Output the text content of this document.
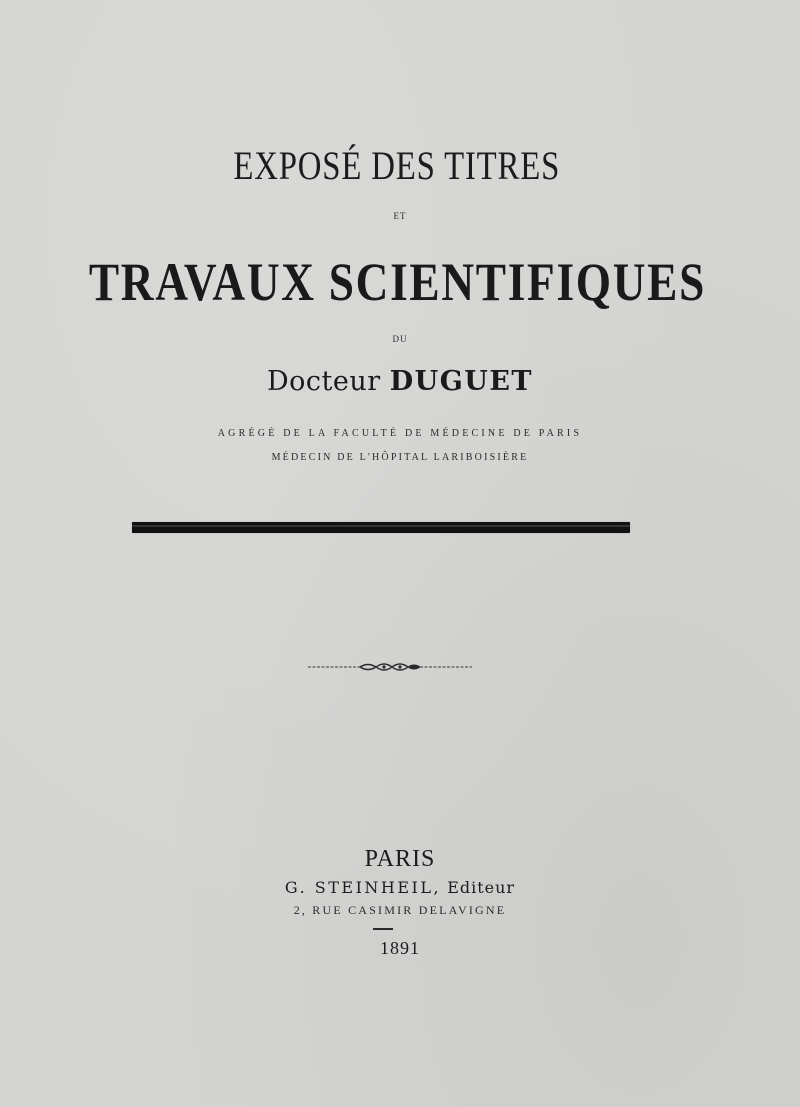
EXPOSÉ DES TITRES
ET
TRAVAUX SCIENTIFIQUES
DU
Docteur DUGUET
AGRÉGÉ DE LA FACULTÉ DE MÉDECINE DE PARIS
MÉDECIN DE L'HÔPITAL LARIBOISIÈRE
PARIS
G. STEINHEIL, Editeur
2, RUE CASIMIR DELAVIGNE
1891
